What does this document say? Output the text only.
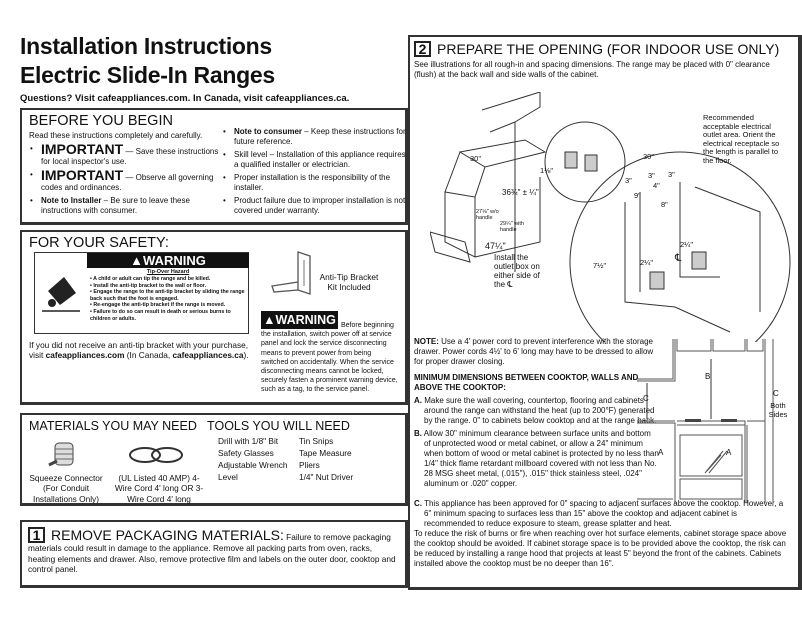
Installation Instructions
Electric Slide-In Ranges
Questions? Visit cafeappliances.com. In Canada, visit cafeappliances.ca.
BEFORE YOU BEGIN
Read these instructions completely and carefully.
• IMPORTANT — Save these instructions for local inspector's use.
• IMPORTANT — Observe all governing codes and ordinances.
• Note to Installer – Be sure to leave these instructions with consumer.
• Note to consumer – Keep these instructions for future reference.
• Skill level – Installation of this appliance requires a qualified installer or electrician.
• Proper installation is the responsibility of the installer.
• Product failure due to improper installation is not covered under warranty.
FOR YOUR SAFETY:
▲WARNING
Tip-Over Hazard
• A child or adult can tip the range and be killed.
• Install the anti-tip bracket to the wall or floor.
• Engage the range to the anti-tip bracket by sliding the range back such that the foot is engaged.
• Re-engage the anti-tip bracket if the range is moved.
• Failure to do so can result in death or serious burns to children or adults.
Anti-Tip Bracket Kit Included
If you did not receive an anti-tip bracket with your purchase, visit cafeappliances.com (In Canada, cafeappliances.ca).
▲WARNING Before beginning the installation, switch power off at service panel and lock the service disconnecting means to prevent power from being switched on accidentally. When the service disconnecting means cannot be locked, securely fasten a prominent warning device, such as a tag, to the service panel.
MATERIALS YOU MAY NEED   TOOLS YOU WILL NEED
Squeeze Connector (For Conduit Installations Only)
(UL Listed 40 AMP) 4-Wire Cord 4' long OR 3-Wire Cord 4' long
Drill with 1/8" Bit
Safety Glasses
Adjustable Wrench
Level
Tin Snips
Tape Measure
Pliers
1/4" Nut Driver
1 REMOVE PACKAGING MATERIALS: Failure to remove packaging materials could result in damage to the appliance. Remove all packing parts from oven, racks, heating elements and drawer. Also, remove protective film and labels on the outer door, cooktop and control panel.
2 PREPARE THE OPENING (FOR INDOOR USE ONLY)
See illustrations for all rough-in and spacing dimensions. The range may be placed with 0" clearance (flush) at the back wall and side walls of the cabinet.
30"
1⅛"
36¾" ± ¼"
27⅛" w/o handle
29¼" with handle
47¼"
Install the outlet box on either side of the ℄
Recommended acceptable electrical outlet area. Orient the electrical receptacle so the length is parallel to the floor.
30"
3"
3"
3"
4"
9"
8"
2¼"
2¼"
7½"
℄
NOTE: Use a 4' power cord to prevent interference with the storage drawer. Power cords 4½' to 6' long may have to be dressed to allow for proper drawer closing.
MINIMUM DIMENSIONS BETWEEN COOKTOP, WALLS AND ABOVE THE COOKTOP:
A. Make sure the wall covering, countertop, flooring and cabinets around the range can withstand the heat (up to 200°F) generated by the range. 0" to cabinets below cooktop and at the range back.
B. Allow 30" minimum clearance between surface units and bottom of unprotected wood or metal cabinet, or allow a 24" minimum when bottom of wood or metal cabinet is protected by no less than 1/4" thick flame retardant millboard covered with not less than No. 28 MSG sheet metal, (.015"), .015" thick stainless steel, .024" aluminum or .020" copper.
C. This appliance has been approved for 0" spacing to adjacent surfaces above the cooktop. However, a 6" minimum spacing to surfaces less than 15" above the cooktop and adjacent cabinet is recommended to reduce exposure to steam, grease splatter and heat.
To reduce the risk of burns or fire when reaching over hot surface elements, cabinet storage space above the cooktop should be avoided. If cabinet storage space is to be provided above the cooktop, the risk can be reduced by installing a range hood that projects at least 5" beyond the front of the cabinets. Cabinets installed above the cooktop must be no deeper than 16".
B
C
C
Both Sides
A	A
